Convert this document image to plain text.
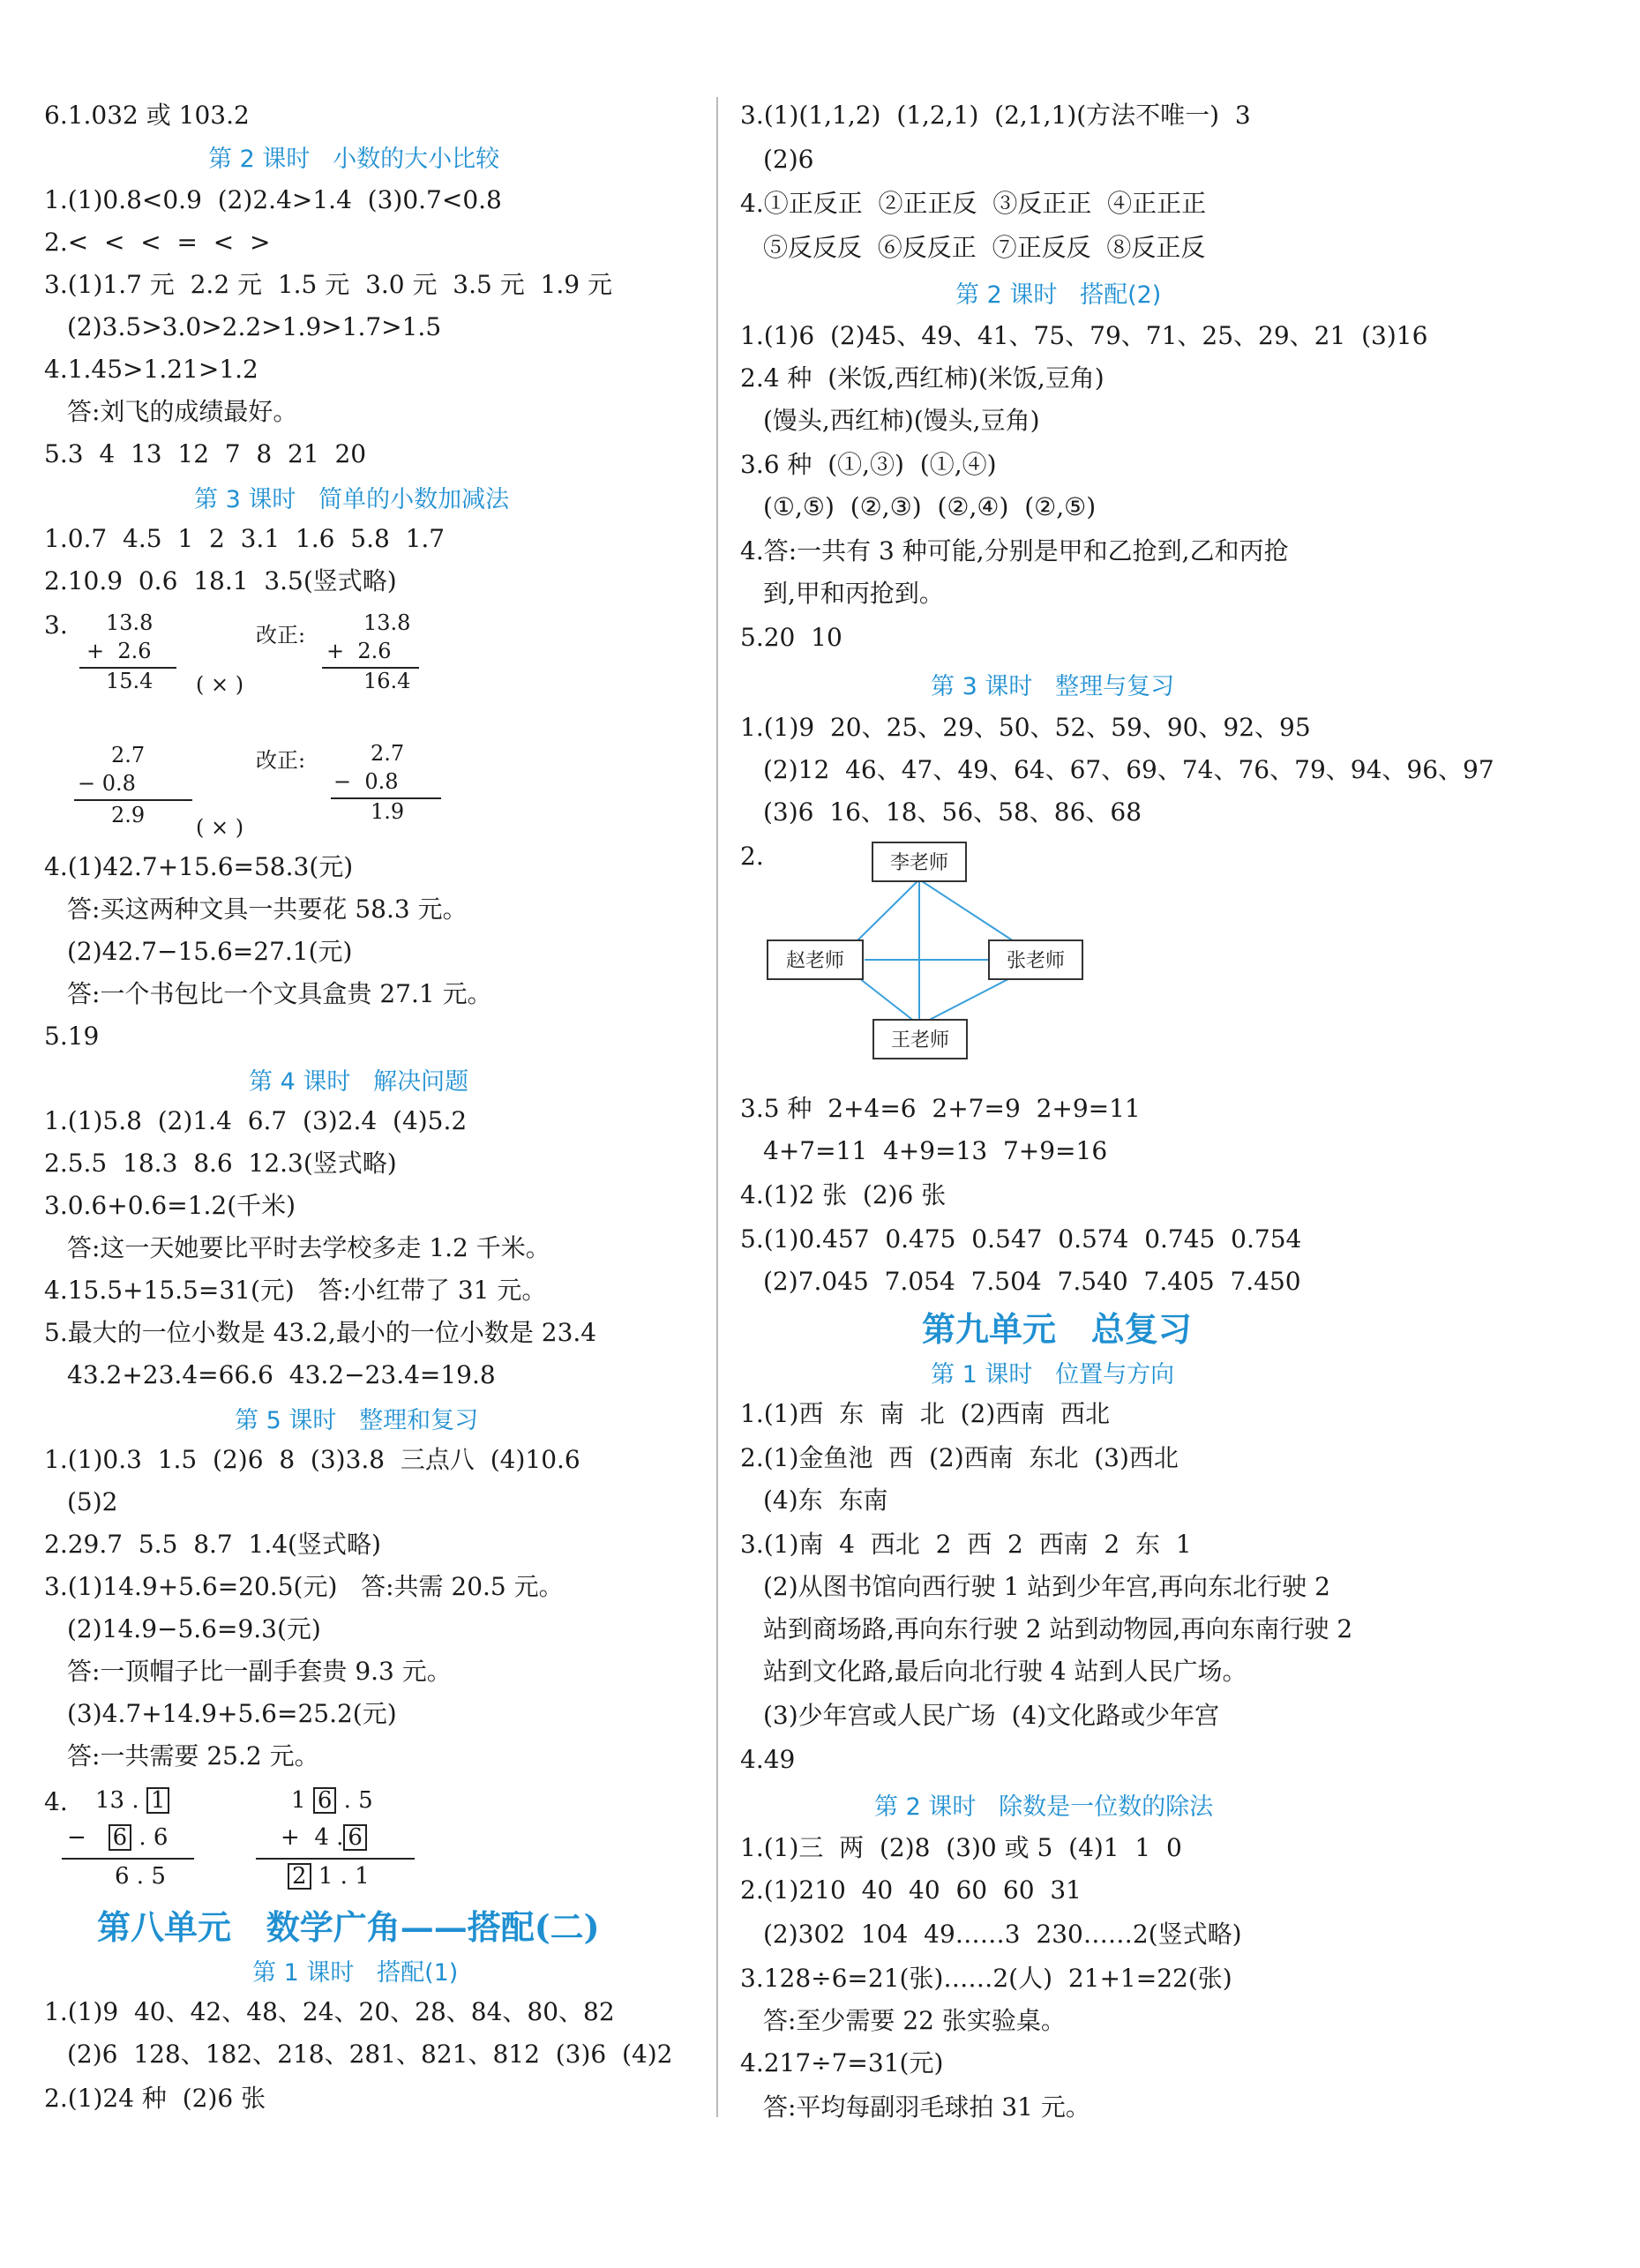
6.1.032 或 103.2
第 2 课时   小数的大小比较
1.(1)0.8<0.9  (2)2.4>1.4  (3)0.7<0.8
2.<  <  <  =  <  >
3.(1)1.7 元  2.2 元  1.5 元  3.0 元  3.5 元  1.9 元
(2)3.5>3.0>2.2>1.9>1.7>1.5
4.1.45>1.21>1.2
答:刘飞的成绩最好。
5.3  4  13  12  7  8  21  20
第 3 课时   简单的小数加减法
1.0.7  4.5  1  2  3.1  1.6  5.8  1.7
2.10.9  0.6  18.1  3.5(竖式略)
3. 13.8
+  2.6
15.4 ( × )
改正:	13.8
+  2.6
16.4
2.7
− 0.8
2.9 ( × )
改正:	2.7
−  0.8
1.9
4.(1)42.7+15.6=58.3(元)
答:买这两种文具一共要花 58.3 元。
(2)42.7−15.6=27.1(元)
答:一个书包比一个文具盒贵 27.1 元。
5.19
第 4 课时   解决问题
1.(1)5.8  (2)1.4  6.7  (3)2.4  (4)5.2
2.5.5  18.3  8.6  12.3(竖式略)
3.0.6+0.6=1.2(千米)
答:这一天她要比平时去学校多走 1.2 千米。
4.15.5+15.5=31(元)   答:小红带了 31 元。
5.最大的一位小数是 43.2,最小的一位小数是 23.4
43.2+23.4=66.6  43.2−23.4=19.8
第 5 课时   整理和复习
1.(1)0.3  1.5  (2)6  8  (3)3.8  三点八  (4)10.6
(5)2
2.29.7  5.5  8.7  1.4(竖式略)
3.(1)14.9+5.6=20.5(元)   答:共需 20.5 元。
(2)14.9−5.6=9.3(元)
答:一顶帽子比一副手套贵 9.3 元。
(3)4.7+14.9+5.6=25.2(元)
答:一共需要 25.2 元。
4. 13 . 1
− 6 . 6
6 . 5
1 6 . 5
+  4 . 6
2 1 . 1
第八单元   数学广角——搭配(二)
第 1 课时   搭配(1)
1.(1)9  40、42、48、24、20、28、84、80、82
(2)6  128、182、218、281、821、812  (3)6  (4)2
2.(1)24 种  (2)6 张
3.(1)(1,1,2)  (1,2,1)  (2,1,1)(方法不唯一)  3
(2)6
4.①正反正  ②正正反  ③反正正  ④正正正
⑤反反反  ⑥反反正  ⑦正反反  ⑧反正反
第 2 课时   搭配(2)
1.(1)6  (2)45、49、41、75、79、71、25、29、21  (3)16
2.4 种  (米饭,西红柿)(米饭,豆角)
(馒头,西红柿)(馒头,豆角)
3.6 种  (①,③)  (①,④)
(①,⑤)  (②,③)  (②,④)  (②,⑤)
4.答:一共有 3 种可能,分别是甲和乙抢到,乙和丙抢
到,甲和丙抢到。
5.20  10
第 3 课时   整理与复习
1.(1)9  20、25、29、50、52、59、90、92、95
(2)12  46、47、49、64、67、69、74、76、79、94、96、97
(3)6  16、18、56、58、86、68
2.	李老师
赵老师	张老师
王老师
3.5 种  2+4=6  2+7=9  2+9=11
4+7=11  4+9=13  7+9=16
4.(1)2 张  (2)6 张
5.(1)0.457  0.475  0.547  0.574  0.745  0.754
(2)7.045  7.054  7.504  7.540  7.405  7.450
第九单元   总复习
第 1 课时   位置与方向
1.(1)西  东  南  北  (2)西南  西北
2.(1)金鱼池  西  (2)西南  东北  (3)西北
(4)东  东南
3.(1)南  4  西北  2  西  2  西南  2  东  1
(2)从图书馆向西行驶 1 站到少年宫,再向东北行驶 2
站到商场路,再向东行驶 2 站到动物园,再向东南行驶 2
站到文化路,最后向北行驶 4 站到人民广场。
(3)少年宫或人民广场  (4)文化路或少年宫
4.49
第 2 课时   除数是一位数的除法
1.(1)三  两  (2)8  (3)0 或 5  (4)1  1  0
2.(1)210  40  40  60  60  31
(2)302  104  49……3  230……2(竖式略)
3.128÷6=21(张)……2(人)  21+1=22(张)
答:至少需要 22 张实验桌。
4.217÷7=31(元)
答:平均每副羽毛球拍 31 元。
